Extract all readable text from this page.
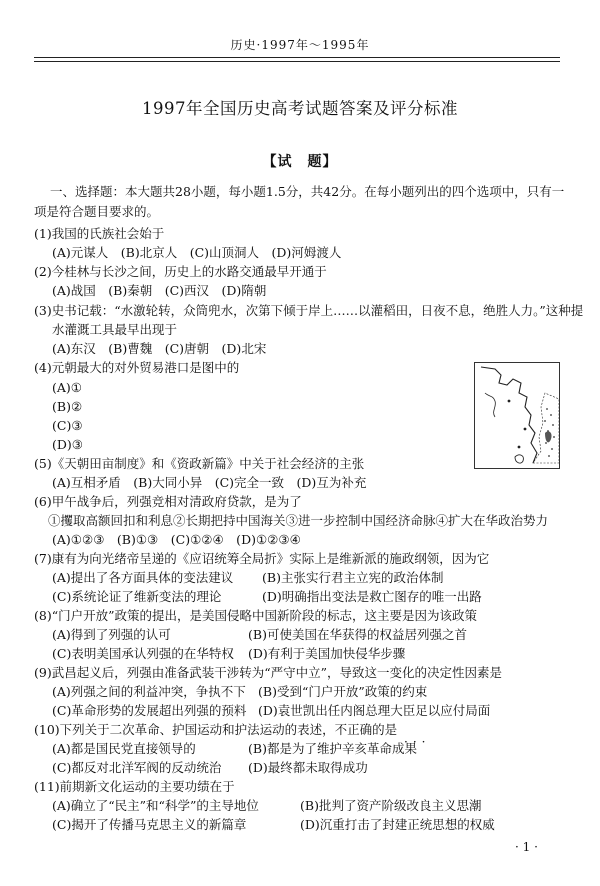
历史·1997年～1995年
1997年全国历史高考试题答案及评分标准
【试　题】
一、选择题：本大题共28小题，每小题1.5分，共42分。在每小题列出的四个选项中，只有一
项是符合题目要求的。
(1)我国的氏族社会始于
(A)元谋人　(B)北京人　(C)山顶洞人　(D)河姆渡人
(2)今桂林与长沙之间，历史上的水路交通最早开通于
(A)战国　(B)秦朝　(C)西汉　(D)隋朝
(3)史书记载：“水激轮转，众筒兜水，次第下倾于岸上……以灌稻田，日夜不息，绝胜人力。”这种提
水灌溉工具最早出现于
(A)东汉　(B)曹魏　(C)唐朝　(D)北宋
(4)元朝最大的对外贸易港口是图中的
(A)①
(B)②
(C)③
(D)③
(5)《天朝田亩制度》和《资政新篇》中关于社会经济的主张
(A)互相矛盾　(B)大同小异　(C)完全一致　(D)互为补充
(6)甲午战争后，列强竞相对清政府贷款，是为了
①攫取高额回扣和利息②长期把持中国海关③进一步控制中国经济命脉④扩大在华政治势力
(A)①②③　(B)①③　(C)①②④　(D)①②③④
(7)康有为向光绪帝呈递的《应诏统筹全局折》实际上是维新派的施政纲领，因为它
(A)提出了各方面具体的变法建议 (B)主张实行君主立宪的政治体制
(C)系统论证了维新变法的理论	(D)明确指出变法是救亡图存的唯一出路
(8)“门户开放”政策的提出，是美国侵略中国新阶段的标志，这主要是因为该政策
(A)得到了列强的认可	(B)可使美国在华获得的权益居列强之首
(C)表明美国承认列强的在华特权 (D)有利于美国加快侵华步骤
(9)武昌起义后，列强由准备武装干涉转为“严守中立”，导致这一变化的决定性因素是
(A)列强之间的利益冲突，争执不下 (B)受到“门户开放”政策的约束
(C)革命形势的发展超出列强的预料 (D)袁世凯出任内阁总理大臣足以应付局面
(10)下列关于二次革命、护国运动和护法运动的表述，不正确的是
···
(A)都是国民党直接领导的	(B)都是为了维护辛亥革命成果
(C)都反对北洋军阀的反动统治 (D)最终都未取得成功
(11)前期新文化运动的主要功绩在于
(A)确立了“民主”和“科学”的主导地位	(B)批判了资产阶级改良主义思潮
(C)揭开了传播马克思主义的新篇章	(D)沉重打击了封建正统思想的权威
· 1 ·
